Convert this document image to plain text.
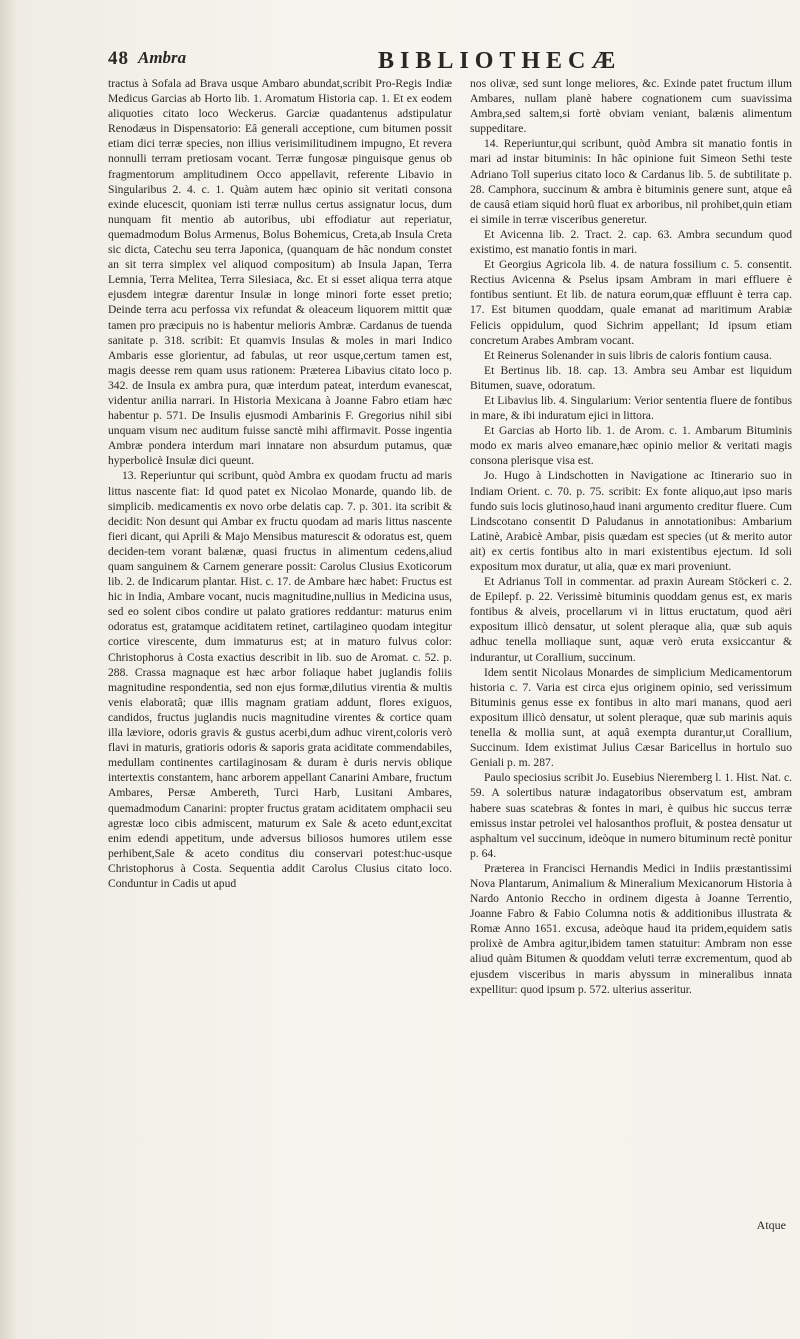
48 Ambra	BIBLIOTHECÆ

tractus à Sofala ad Brava usque Ambaro abundat,scribit Pro-Regis Indiæ Medicus Garcias ab Horto lib. 1. Aromatum Historia cap. 1. Et ex eodem aliquoties citato loco Weckerus. Garciæ quadantenus adstipulatur Renodæus in Dispensatorio: Eâ generali acceptione, cum bitumen possit etiam dici terræ species, non illius verisimilitudinem impugno, Et revera nonnulli terram pretiosam vocant. Terræ fungosæ pinguisque genus ob fragmentorum amplitudinem Occo appellavit, referente Libavio in Singularibus 2. 4. c. 1. Quàm autem hæc opinio sit veritati consona exinde elucescit, quoniam isti terræ nullus certus assignatur locus, dum nunquam fit mentio ab autoribus, ubi effodiatur aut reperiatur, quemadmodum Bolus Armenus, Bolus Bohemicus, Creta,ab Insula Creta sic dicta, Catechu seu terra Japonica, (quanquam de hâc nondum constet an sit terra simplex vel aliquod compositum) ab Insula Japan, Terra Lemnia, Terra Melitea, Terra Silesiaca, &c. Et si esset aliqua terra atque ejusdem integræ darentur Insulæ in longe minori forte esset pretio; Deinde terra acu perfossa vix refundat & oleaceum liquorem mittit quæ tamen pro præcipuis no is habentur melioris Ambræ. Cardanus de tuenda sanitate p. 318. scribit: Et quamvis Insulas & moles in mari Indico Ambaris esse glorientur, ad fabulas, ut reor usque,certum tamen est, magis deesse rem quam usus rationem: Præterea Libavius citato loco p. 342. de Insula ex ambra pura, quæ interdum pateat, interdum evanescat, videntur anilia narrari. In Historia Mexicana à Joanne Fabro etiam hæc habentur p. 571. De Insulis ejusmodi Ambarinis F. Gregorius nihil sibi unquam visum nec auditum fuisse sanctè mihi affirmavit. Posse ingentia Ambræ pondera interdum mari innatare non absurdum putamus, quæ hyperbolicè Insulæ dici queunt.

13. Reperiuntur qui scribunt, quòd Ambra ex quodam fructu ad maris littus nascente fiat: Id quod patet ex Nicolao Monarde, quando lib. de simplicib. medicamentis ex novo orbe delatis cap. 7. p. 301. ita scribit & decidit: Non desunt qui Ambar ex fructu quodam ad maris littus nascente fieri dicant, qui Aprili & Majo Mensibus maturescit & odoratus est, quem deciden-tem vorant balænæ, quasi fructus in alimentum cedens,aliud quam sanguinem & Carnem generare possit: Carolus Clusius Exoticorum lib. 2. de Indicarum plantar. Hist. c. 17. de Ambare hæc habet: Fructus est hic in India, Ambare vocant, nucis magnitudine,nullius in Medicina usus, sed eo solent cibos condire ut palato gratiores reddantur: maturus enim odoratus est, gratamque aciditatem retinet, cartilagineo quodam integitur cortice virescente, dum immaturus est; at in maturo fulvus color: Christophorus à Costa exactius describit in lib. suo de Aromat. c. 52. p. 288. Crassa magnaque est hæc arbor foliaque habet juglandis foliis magnitudine respondentia, sed non ejus formæ,dilutius virentia & multis venis elaboratâ; quæ illis magnam gratiam addunt, flores exiguos, candidos, fructus juglandis nucis magnitudine virentes & cortice quam illa læviore, odoris gravis & gustus acerbi,dum adhuc virent,coloris verò flavi in maturis, gratioris odoris & saporis grata aciditate commendabiles, medullam continentes cartilaginosam & duram è duris nervis oblique intertextis constantem, hanc arborem appellant Canarini Ambare, fructum Ambares, Persæ Ambereth, Turci Harb, Lusitani Ambares, quemadmodum Canarini: propter fructus gratam aciditatem omphacii seu agrestæ loco cibis admiscent, maturum ex Sale & aceto edunt,excitat enim edendi appetitum, unde adversus biliosos humores utilem esse perhibent,Sale & aceto conditus diu conservari potest:huc-usque Christophorus à Costa. Sequentia addit Carolus Clusius citato loco. Conduntur in Cadis ut apud

nos olivæ, sed sunt longe meliores, &c. Exinde patet fructum illum Ambares, nullam planè habere cognationem cum suavissima Ambra,sed saltem,si fortè obviam veniant, balænis alimentum suppeditare.

14. Reperiuntur,qui scribunt, quòd Ambra sit manatio fontis in mari ad instar bituminis: In hâc opinione fuit Simeon Sethi teste Adriano Toll superius citato loco & Cardanus lib. 5. de subtilitate p. 28. Camphora, succinum & ambra è bituminis genere sunt, atque eâ de causâ etiam siquid horû fluat ex arboribus, nil prohibet,quin etiam ei simile in terræ visceribus generetur.

Et Avicenna lib. 2. Tract. 2. cap. 63. Ambra secundum quod existimo, est manatio fontis in mari.

Et Georgius Agricola lib. 4. de natura fossilium c. 5. consentit. Rectius Avicenna & Pselus ipsam Ambram in mari effluere è fontibus sentiunt. Et lib. de natura eorum,quæ effluunt è terra cap. 17. Est bitumen quoddam, quale emanat ad maritimum Arabiæ Felicis oppidulum, quod Sichrim appellant; Id ipsum etiam concretum Arabes Ambram vocant.

Et Reinerus Solenander in suis libris de caloris fontium causa.

Et Bertinus lib. 18. cap. 13. Ambra seu Ambar est liquidum Bitumen, suave, odoratum.

Et Libavius lib. 4. Singularium: Verior sententia fluere de fontibus in mare, & ibi induratum ejici in littora.

Et Garcias ab Horto lib. 1. de Arom. c. 1. Ambarum Bituminis modo ex maris alveo emanare,hæc opinio melior & veritati magis consona plerisque visa est.

Jo. Hugo à Lindschotten in Navigatione ac Itinerario suo in Indiam Orient. c. 70. p. 75. scribit: Ex fonte aliquo,aut ipso maris fundo suis locis glutinoso,haud inani argumento creditur fluere. Cum Lindscotano consentit D Paludanus in annotationibus: Ambarium Latinè, Arabicè Ambar, pisis quædam est species (ut & merito autor ait) ex certis fontibus alto in mari existentibus ejectum. Id soli expositum mox duratur, ut alia, quæ ex mari proveniunt.

Et Adrianus Toll in commentar. ad praxin Auream Stöckeri c. 2. de Epilepf. p. 22. Verissimè bituminis quoddam genus est, ex maris fontibus & alveis, procellarum vi in littus eructatum, quod aëri expositum illicò densatur, ut solent pleraque alia, quæ sub aquis adhuc tenella molliaque sunt, aquæ verò eruta exsiccantur & indurantur, ut Corallium, succinum.

Idem sentit Nicolaus Monardes de simplicium Medicamentorum historia c. 7. Varia est circa ejus originem opinio, sed verissimum Bituminis genus esse ex fontibus in alto mari manans, quod aeri expositum illicò densatur, ut solent pleraque, quæ sub marinis aquis tenella & mollia sunt, at aquâ exempta durantur,ut Corallium, Succinum. Idem existimat Julius Cæsar Baricellus in hortulo suo Geniali p. m. 287.

Paulo speciosius scribit Jo. Eusebius Nieremberg l. 1. Hist. Nat. c. 59. A solertibus naturæ indagatoribus observatum est, ambram habere suas scatebras & fontes in mari, è quibus hic succus terræ emissus instar petrolei vel halosanthos profluit, & postea densatur ut asphaltum vel succinum, ideòque in numero bituminum rectè ponitur p. 64.

Præterea in Francisci Hernandis Medici in Indiis præstantissimi Nova Plantarum, Animalium & Mineralium Mexicanorum Historia à Nardo Antonio Reccho in ordinem digesta à Joanne Terrentio, Joanne Fabro & Fabio Columna notis & additionibus illustrata & Romæ Anno 1651. excusa, adeòque haud ita pridem,equidem satis prolixè de Ambra agitur,ibidem tamen statuitur: Ambram non esse aliud quàm Bitumen & quoddam veluti terræ excrementum, quod ab ejusdem visceribus in maris abyssum in mineralibus innata expellitur: quod ipsum p. 572. ulterius asseritur.

Atque
